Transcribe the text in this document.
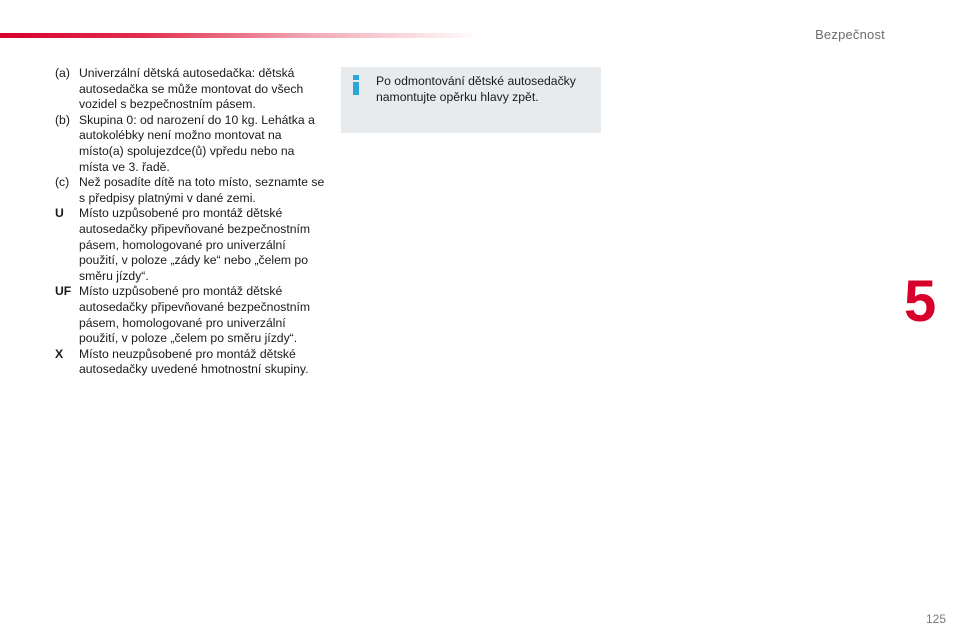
Bezpečnost
(a) Univerzální dětská autosedačka: dětská autosedačka se může montovat do všech vozidel s bezpečnostním pásem.
(b) Skupina 0: od narození do 10 kg. Lehátka a autokolébky není možno montovat na místo(a) spolujezdce(ů) vpředu nebo na místa ve 3. řadě.
(c) Než posadíte dítě na toto místo, seznamte se s předpisy platnými v dané zemi.
U	Místo uzpůsobené pro montáž dětské autosedačky připevňované bezpečnostním pásem, homologované pro univerzální použití, v poloze „zády ke“ nebo „čelem po směru jízdy“.
UF Místo uzpůsobené pro montáž dětské autosedačky připevňované bezpečnostním pásem, homologované pro univerzální použití, v poloze „čelem po směru jízdy“.
X	Místo neuzpůsobené pro montáž dětské autosedačky uvedené hmotnostní skupiny.
Po odmontování dětské autosedačky namontujte opěrku hlavy zpět.
5
125
